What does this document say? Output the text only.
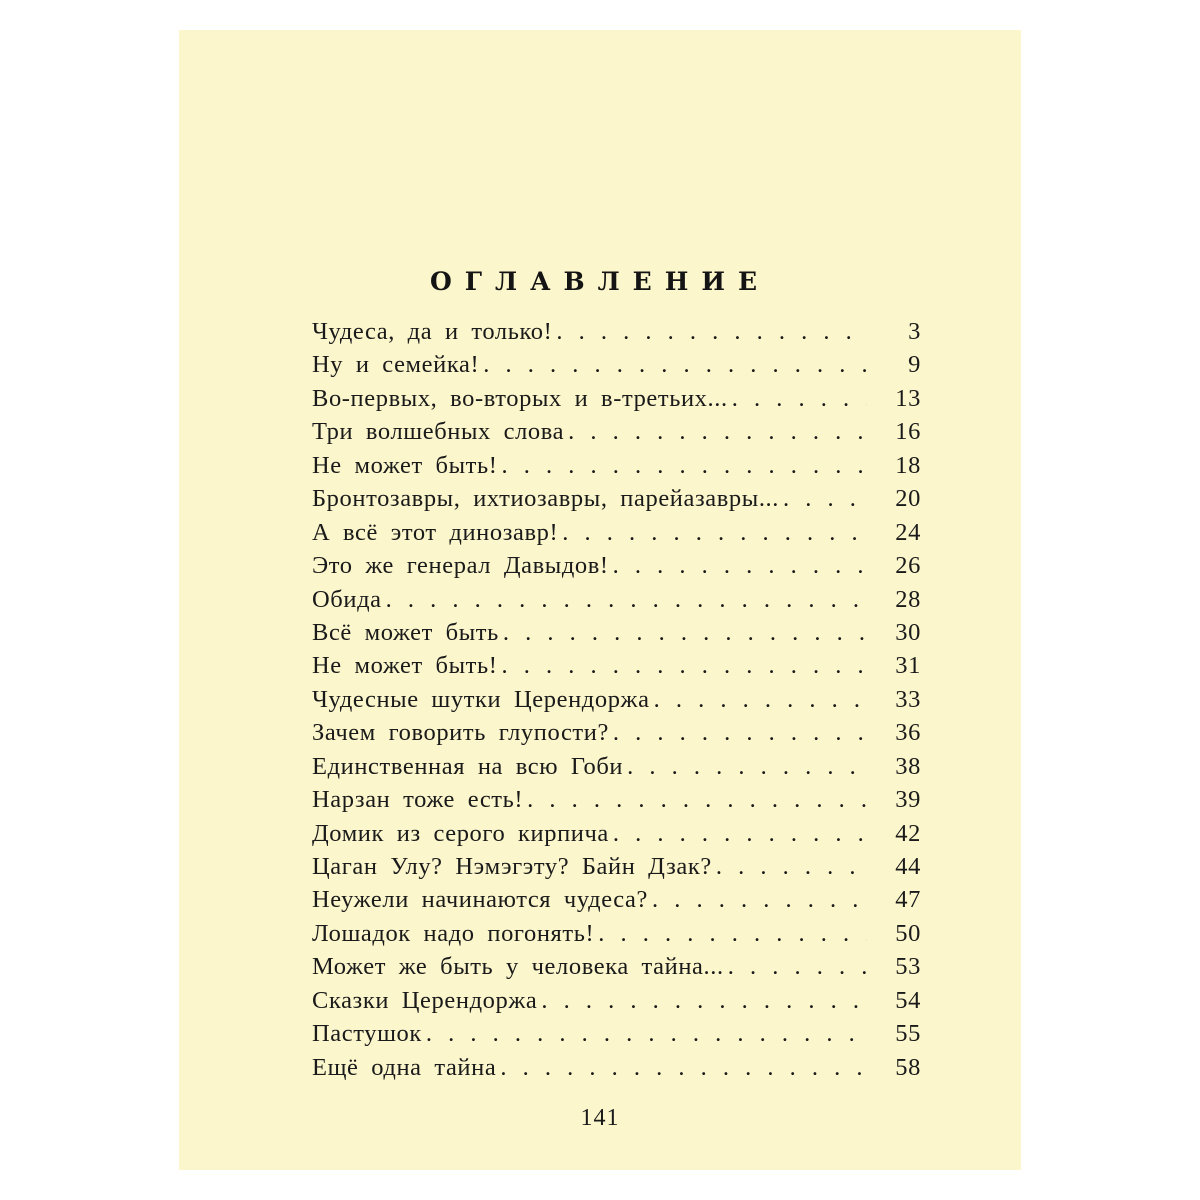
ОГЛАВЛЕНИЕ
Чудеса, да и только! . . .	3
Ну и семейка! . . .	9
Во-первых, во-вторых и в-третьих... . . .	13
Три волшебных слова . . .	16
Не может быть! . . .	18
Бронтозавры, ихтиозавры, парейазавры... . . .	20
А всё этот динозавр! . . .	24
Это же генерал Давыдов! . . .	26
Обида . . .	28
Всё может быть . . .	30
Не может быть! . . .	31
Чудесные шутки Церендоржа . . .	33
Зачем говорить глупости? . . .	36
Единственная на всю Гоби . . .	38
Нарзан тоже есть! . . .	39
Домик из серого кирпича . . .	42
Цаган Улу? Нэмэгэту? Байн Дзак? . . .	44
Неужели начинаются чудеса? . . .	47
Лошадок надо погонять! . . .	50
Может же быть у человека тайна... . . .	53
Сказки Церендоржа . . .	54
Пастушок . . .	55
Ещё одна тайна . . .	58
141
